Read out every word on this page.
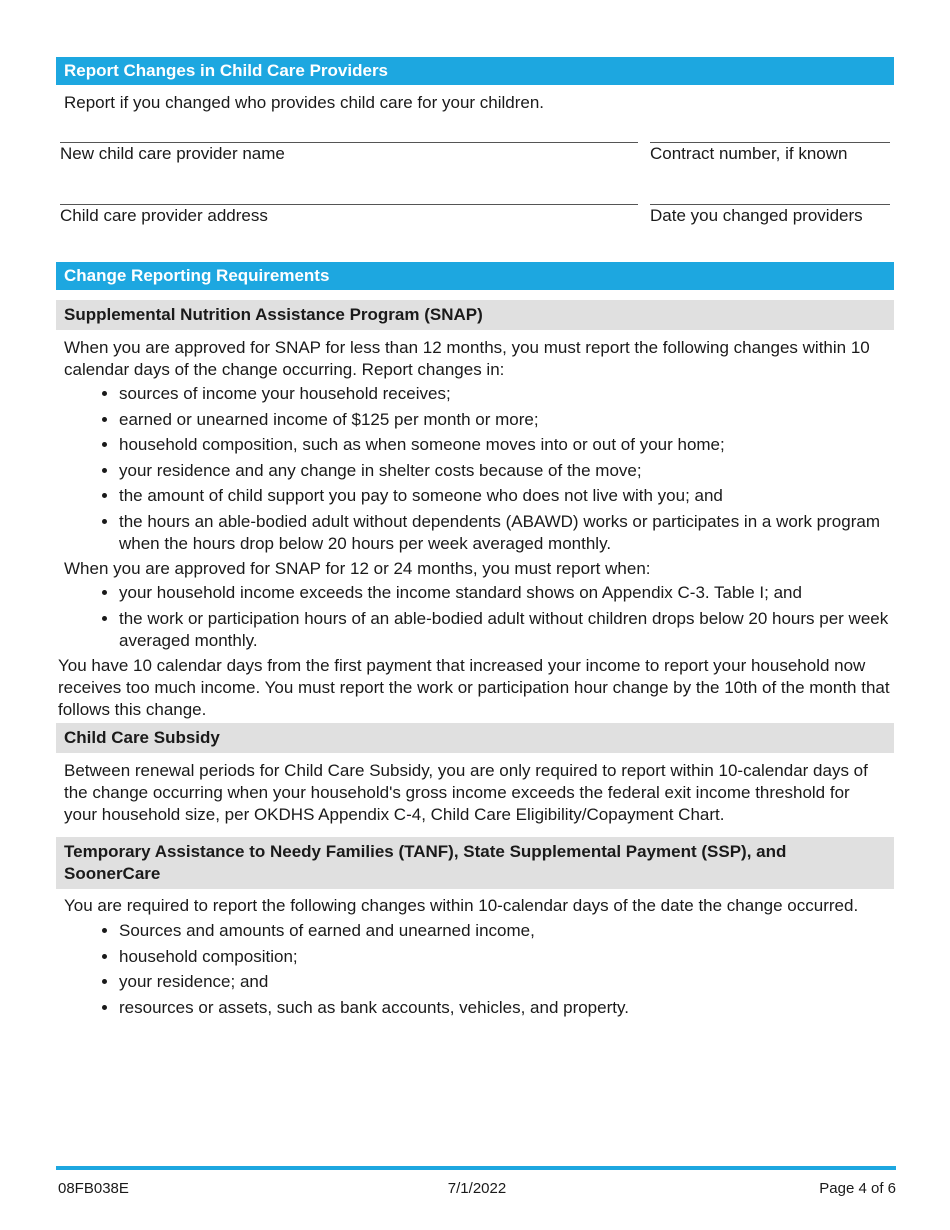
Report Changes in Child Care Providers

Report if you changed who provides child care for your children.

New child care provider name	Contract number, if known
Child care provider address	Date you changed providers
Change Reporting Requirements
Supplemental Nutrition Assistance Program (SNAP)

When you are approved for SNAP for less than 12 months, you must report the following changes within 10 calendar days of the change occurring. Report changes in:

• sources of income your household receives;
• earned or unearned income of $125 per month or more;
• household composition, such as when someone moves into or out of your home;
• your residence and any change in shelter costs because of the move;
• the amount of child support you pay to someone who does not live with you; and
• the hours an able-bodied adult without dependents (ABAWD) works or participates in a work program when the hours drop below 20 hours per week averaged monthly.

When you are approved for SNAP for 12 or 24 months, you must report when:

• your household income exceeds the income standard shows on Appendix C-3. Table I; and
• the work or participation hours of an able-bodied adult without children drops below 20 hours per week averaged monthly.

You have 10 calendar days from the first payment that increased your income to report your household now receives too much income. You must report the work or participation hour change by the 10th of the month that follows this change.

Child Care Subsidy

Between renewal periods for Child Care Subsidy, you are only required to report within 10-calendar days of the change occurring when your household's gross income exceeds the federal exit income threshold for your household size, per OKDHS Appendix C-4, Child Care Eligibility/Copayment Chart.

Temporary Assistance to Needy Families (TANF), State Supplemental Payment (SSP), and SoonerCare

You are required to report the following changes within 10-calendar days of the date the change occurred.

• Sources and amounts of earned and unearned income,
• household composition;
• your residence; and
• resources or assets, such as bank accounts, vehicles, and property.
08FB038E	7/1/2022	Page 4 of 6
